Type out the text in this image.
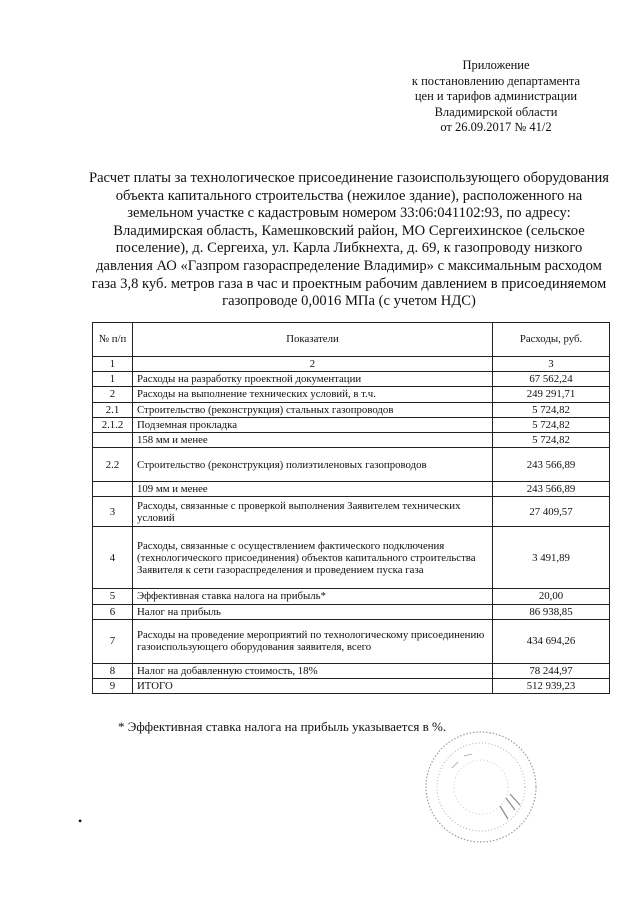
Приложение
к постановлению департамента
цен и тарифов администрации
Владимирской области
от 26.09.2017 № 41/2
Расчет платы за технологическое присоединение газоиспользующего оборудования
объекта капитального строительства (нежилое здание), расположенного на
земельном участке с кадастровым номером 33:06:041102:93, по адресу:
Владимирская область, Камешковский район, МО Сергеихинское (сельское
поселение), д. Сергеиха, ул. Карла Либкнехта, д. 69, к газопроводу низкого
давления АО «Газпром газораспределение Владимир» с максимальным расходом
газа 3,8 куб. метров газа в час и проектным рабочим давлением в присоединяемом
газопроводе 0,0016 МПа (с учетом НДС)
№ п/п	Показатели	Расходы, руб.
1	2	3
1	Расходы на разработку проектной документации	67 562,24
2	Расходы на выполнение технических условий, в т.ч.	249 291,71
2.1	Строительство (реконструкция) стальных газопроводов	5 724,82
2.1.2	Подземная прокладка	5 724,82
	158 мм и менее	5 724,82
2.2	Строительство (реконструкция) полиэтиленовых газопроводов	243 566,89
	109 мм и менее	243 566,89
3	Расходы, связанные с проверкой выполнения Заявителем технических условий	27 409,57
4	Расходы, связанные с осуществлением фактического подключения (технологического присоединения) объектов капитального строительства Заявителя к сети газораспределения и проведением пуска газа	3 491,89
5	Эффективная ставка налога на прибыль*	20,00
6	Налог на прибыль	86 938,85
7	Расходы на проведение мероприятий по технологическому присоединению газоиспользующего оборудования заявителя, всего	434 694,26
8	Налог на добавленную стоимость, 18%	78 244,97
9	ИТОГО	512 939,23
* Эффективная ставка налога на прибыль указывается в %.
•
